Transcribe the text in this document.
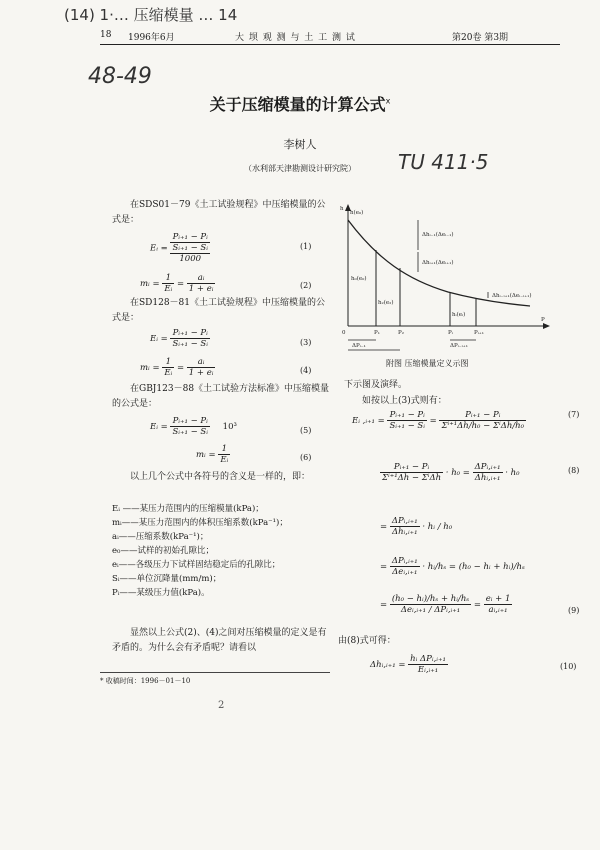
(14) 1·… 压缩模量 … 14
48-49
TU 411·5
18 1996年6月	大 坝 观 测 与 土 工 测 试	第20卷 第3期
关于压缩模量的计算公式$^x$
李树人
（水利部天津勘测设计研究院）
在SDS01－79《土工试验规程》中压缩模量的公式是：
Eᵢ =
Pᵢ₊₁ − Pᵢ
Sᵢ₊₁ − Sᵢ
1000
(1)
mᵢ = $\frac{1}{\text{Eᵢ}} = \frac{\text{aᵢ}}{\text{1 + eᵢ}}$	(2)
在SD128－81《土工试验规程》中压缩模量的公式是：
Eᵢ = $\frac{\text{Pᵢ₊₁ − Pᵢ}}{\text{Sᵢ₊₁ − Sᵢ}}$	(3)
mᵢ = $\frac{1}{\text{Eᵢ}} = \frac{\text{aᵢ}}{\text{1 + eᵢ}}$	(4)
在GBJ123－88《土工试验方法标准》中压缩模量的公式是：
Eᵢ = $\frac{\text{Pᵢ₊₁ − Pᵢ}}{\text{Sᵢ₊₁ − Sᵢ}} 10^3$	(5)
mᵢ = $\frac{1}{\text{Eᵢ}}$	(6)
以上几个公式中各符号的含义是一样的，即：
Eᵢ ——某压力范围内的压缩模量(kPa)；
mᵢ——某压力范围内的体积压缩系数(kPa⁻¹)；
aᵢ——压缩系数(kPa⁻¹)；
e₀——试样的初始孔隙比；
eᵢ——各级压力下试样固结稳定后的孔隙比；
Sᵢ——单位沉降量(mm/m)；
Pᵢ——某级压力值(kPa)。
显然以上公式(2)、(4)之间对压缩模量的定义是有矛盾的。为什么会有矛盾呢？请看以
* 收稿时间：1996－01－10
h(e₀)
h₀(e₀)
hᵢ(eᵢ)
h₂(e₂)
P₁	P₂	Pᵢ	Pᵢ₊₁
Δhᵢ₋₁(Δeᵢ₋₁)
Δhᵢ₊₁(Δeᵢ₊₁)
Δhᵢ₋ᵢ₊₁(Δeᵢ₋ᵢ₊₁)
ΔPᵢ₋₁	ΔPᵢ₋ᵢ₊₁
h
P
0
附图 压缩模量定义示图
下示图及演绎。
如按以上(3)式则有：
Eᵢ ,ᵢ₊₁ = $\frac{\text{Pᵢ₊₁ − Pᵢ}}{\text{Sᵢ₊₁ − Sᵢ}} = \frac{\text{Pᵢ₊₁ − Pᵢ}}{\text{Σⁱ⁺¹Δh/h₀ − ΣⁱΔh/h₀}}$	(7)
$\frac{\text{Pᵢ₊₁ − Pᵢ}}{\text{Σⁱ⁺¹Δh − ΣⁱΔh}} \cdot h_0 = \frac{\text{ΔPᵢ,ᵢ₊₁}}{\text{Δhᵢ,ᵢ₊₁}} \cdot h_0$	(8)
= $\frac{\text{ΔPᵢ,ᵢ₊₁}}{\text{Δhᵢ,ᵢ₊₁}}$ · hᵢ / h₀
= $\frac{\text{ΔPᵢ,ᵢ₊₁}}{\text{Δeᵢ,ᵢ₊₁}}$ · hᵢ/hₛ = (h₀ − hᵢ + hᵢ)/hₛ
= $\frac{\text{(h₀ − hᵢ)/hₛ + hᵢ/hₛ}}{\text{Δeᵢ,ᵢ₊₁ / ΔPᵢ,ᵢ₊₁}} = \frac{\text{eᵢ + 1}}{\text{aᵢ,ᵢ₊₁}}$	(9)
由(8)式可得：
Δhᵢ,ᵢ₊₁ = $\frac{\text{hᵢ ΔPᵢ,ᵢ₊₁}}{\text{Eᵢ,ᵢ₊₁}}$	(10)
2
